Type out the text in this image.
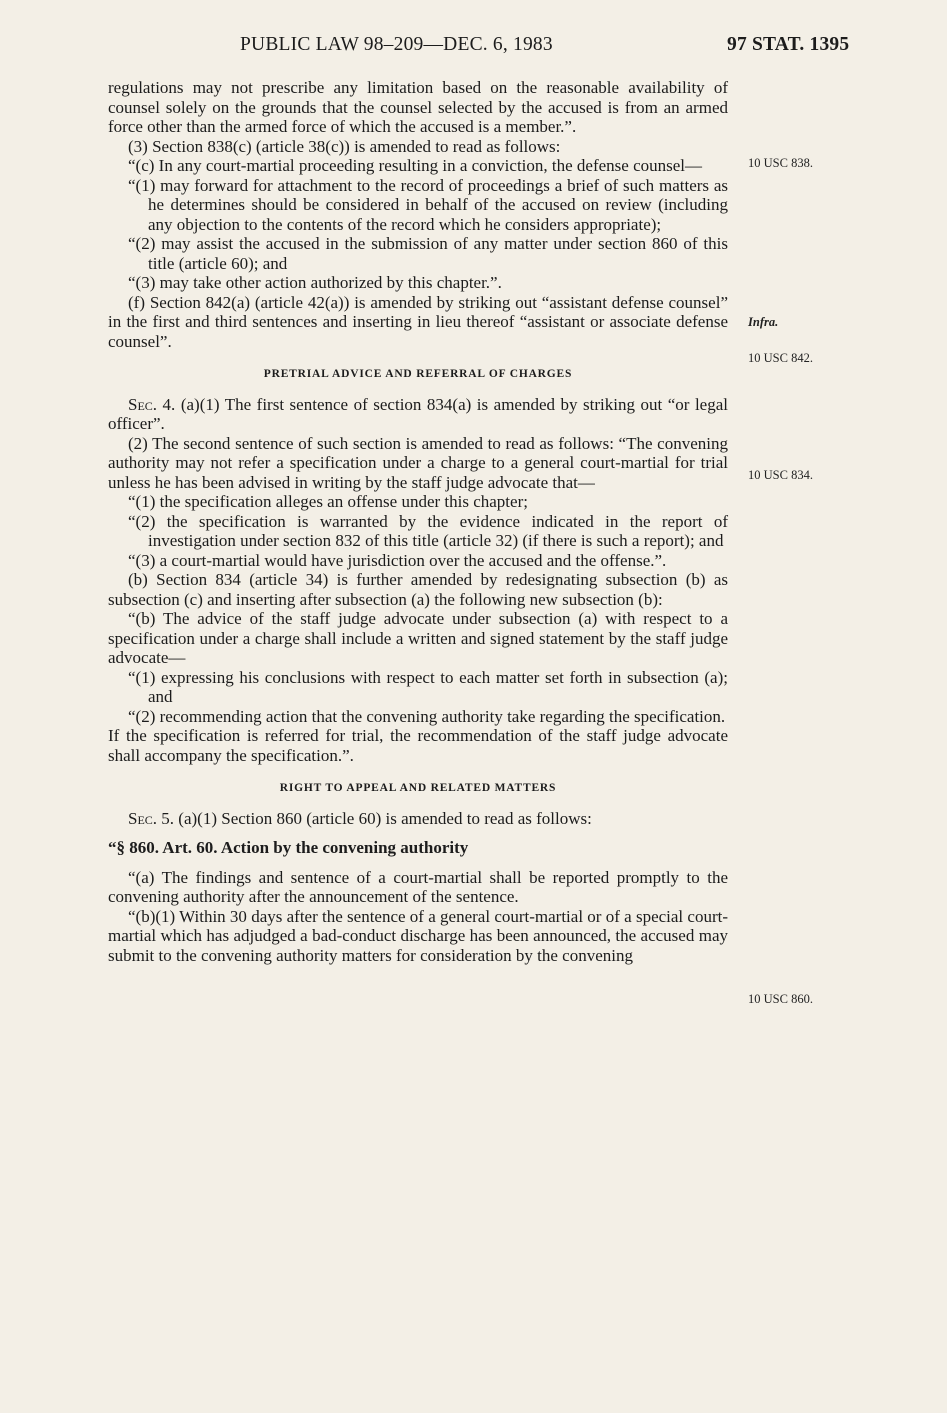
PUBLIC LAW 98–209—DEC. 6, 1983	97 STAT. 1395
10 USC 838.
Infra.
10 USC 842.
10 USC 834.
10 USC 860.

regulations may not prescribe any limitation based on the reasonable availability of counsel solely on the grounds that the counsel selected by the accused is from an armed force other than the armed force of which the accused is a member.”.

(3) Section 838(c) (article 38(c)) is amended to read as follows:

“(c) In any court-martial proceeding resulting in a conviction, the defense counsel—

“(1) may forward for attachment to the record of proceedings a brief of such matters as he determines should be considered in behalf of the accused on review (including any objection to the contents of the record which he considers appropriate);

“(2) may assist the accused in the submission of any matter under section 860 of this title (article 60); and

“(3) may take other action authorized by this chapter.”.

(f) Section 842(a) (article 42(a)) is amended by striking out “assistant defense counsel” in the first and third sentences and inserting in lieu thereof “assistant or associate defense counsel”.

PRETRIAL ADVICE AND REFERRAL OF CHARGES

Sec. 4. (a)(1) The first sentence of section 834(a) is amended by striking out “or legal officer”.

(2) The second sentence of such section is amended to read as follows: “The convening authority may not refer a specification under a charge to a general court-martial for trial unless he has been advised in writing by the staff judge advocate that—

“(1) the specification alleges an offense under this chapter;

“(2) the specification is warranted by the evidence indicated in the report of investigation under section 832 of this title (article 32) (if there is such a report); and

“(3) a court-martial would have jurisdiction over the accused and the offense.”.

(b) Section 834 (article 34) is further amended by redesignating subsection (b) as subsection (c) and inserting after subsection (a) the following new subsection (b):

“(b) The advice of the staff judge advocate under subsection (a) with respect to a specification under a charge shall include a written and signed statement by the staff judge advocate—

“(1) expressing his conclusions with respect to each matter set forth in subsection (a); and

“(2) recommending action that the convening authority take regarding the specification.

If the specification is referred for trial, the recommendation of the staff judge advocate shall accompany the specification.”.

RIGHT TO APPEAL AND RELATED MATTERS

Sec. 5. (a)(1) Section 860 (article 60) is amended to read as follows:

“§ 860. Art. 60. Action by the convening authority

“(a) The findings and sentence of a court-martial shall be reported promptly to the convening authority after the announcement of the sentence.

“(b)(1) Within 30 days after the sentence of a general court-martial or of a special court-martial which has adjudged a bad-conduct discharge has been announced, the accused may submit to the convening authority matters for consideration by the convening
